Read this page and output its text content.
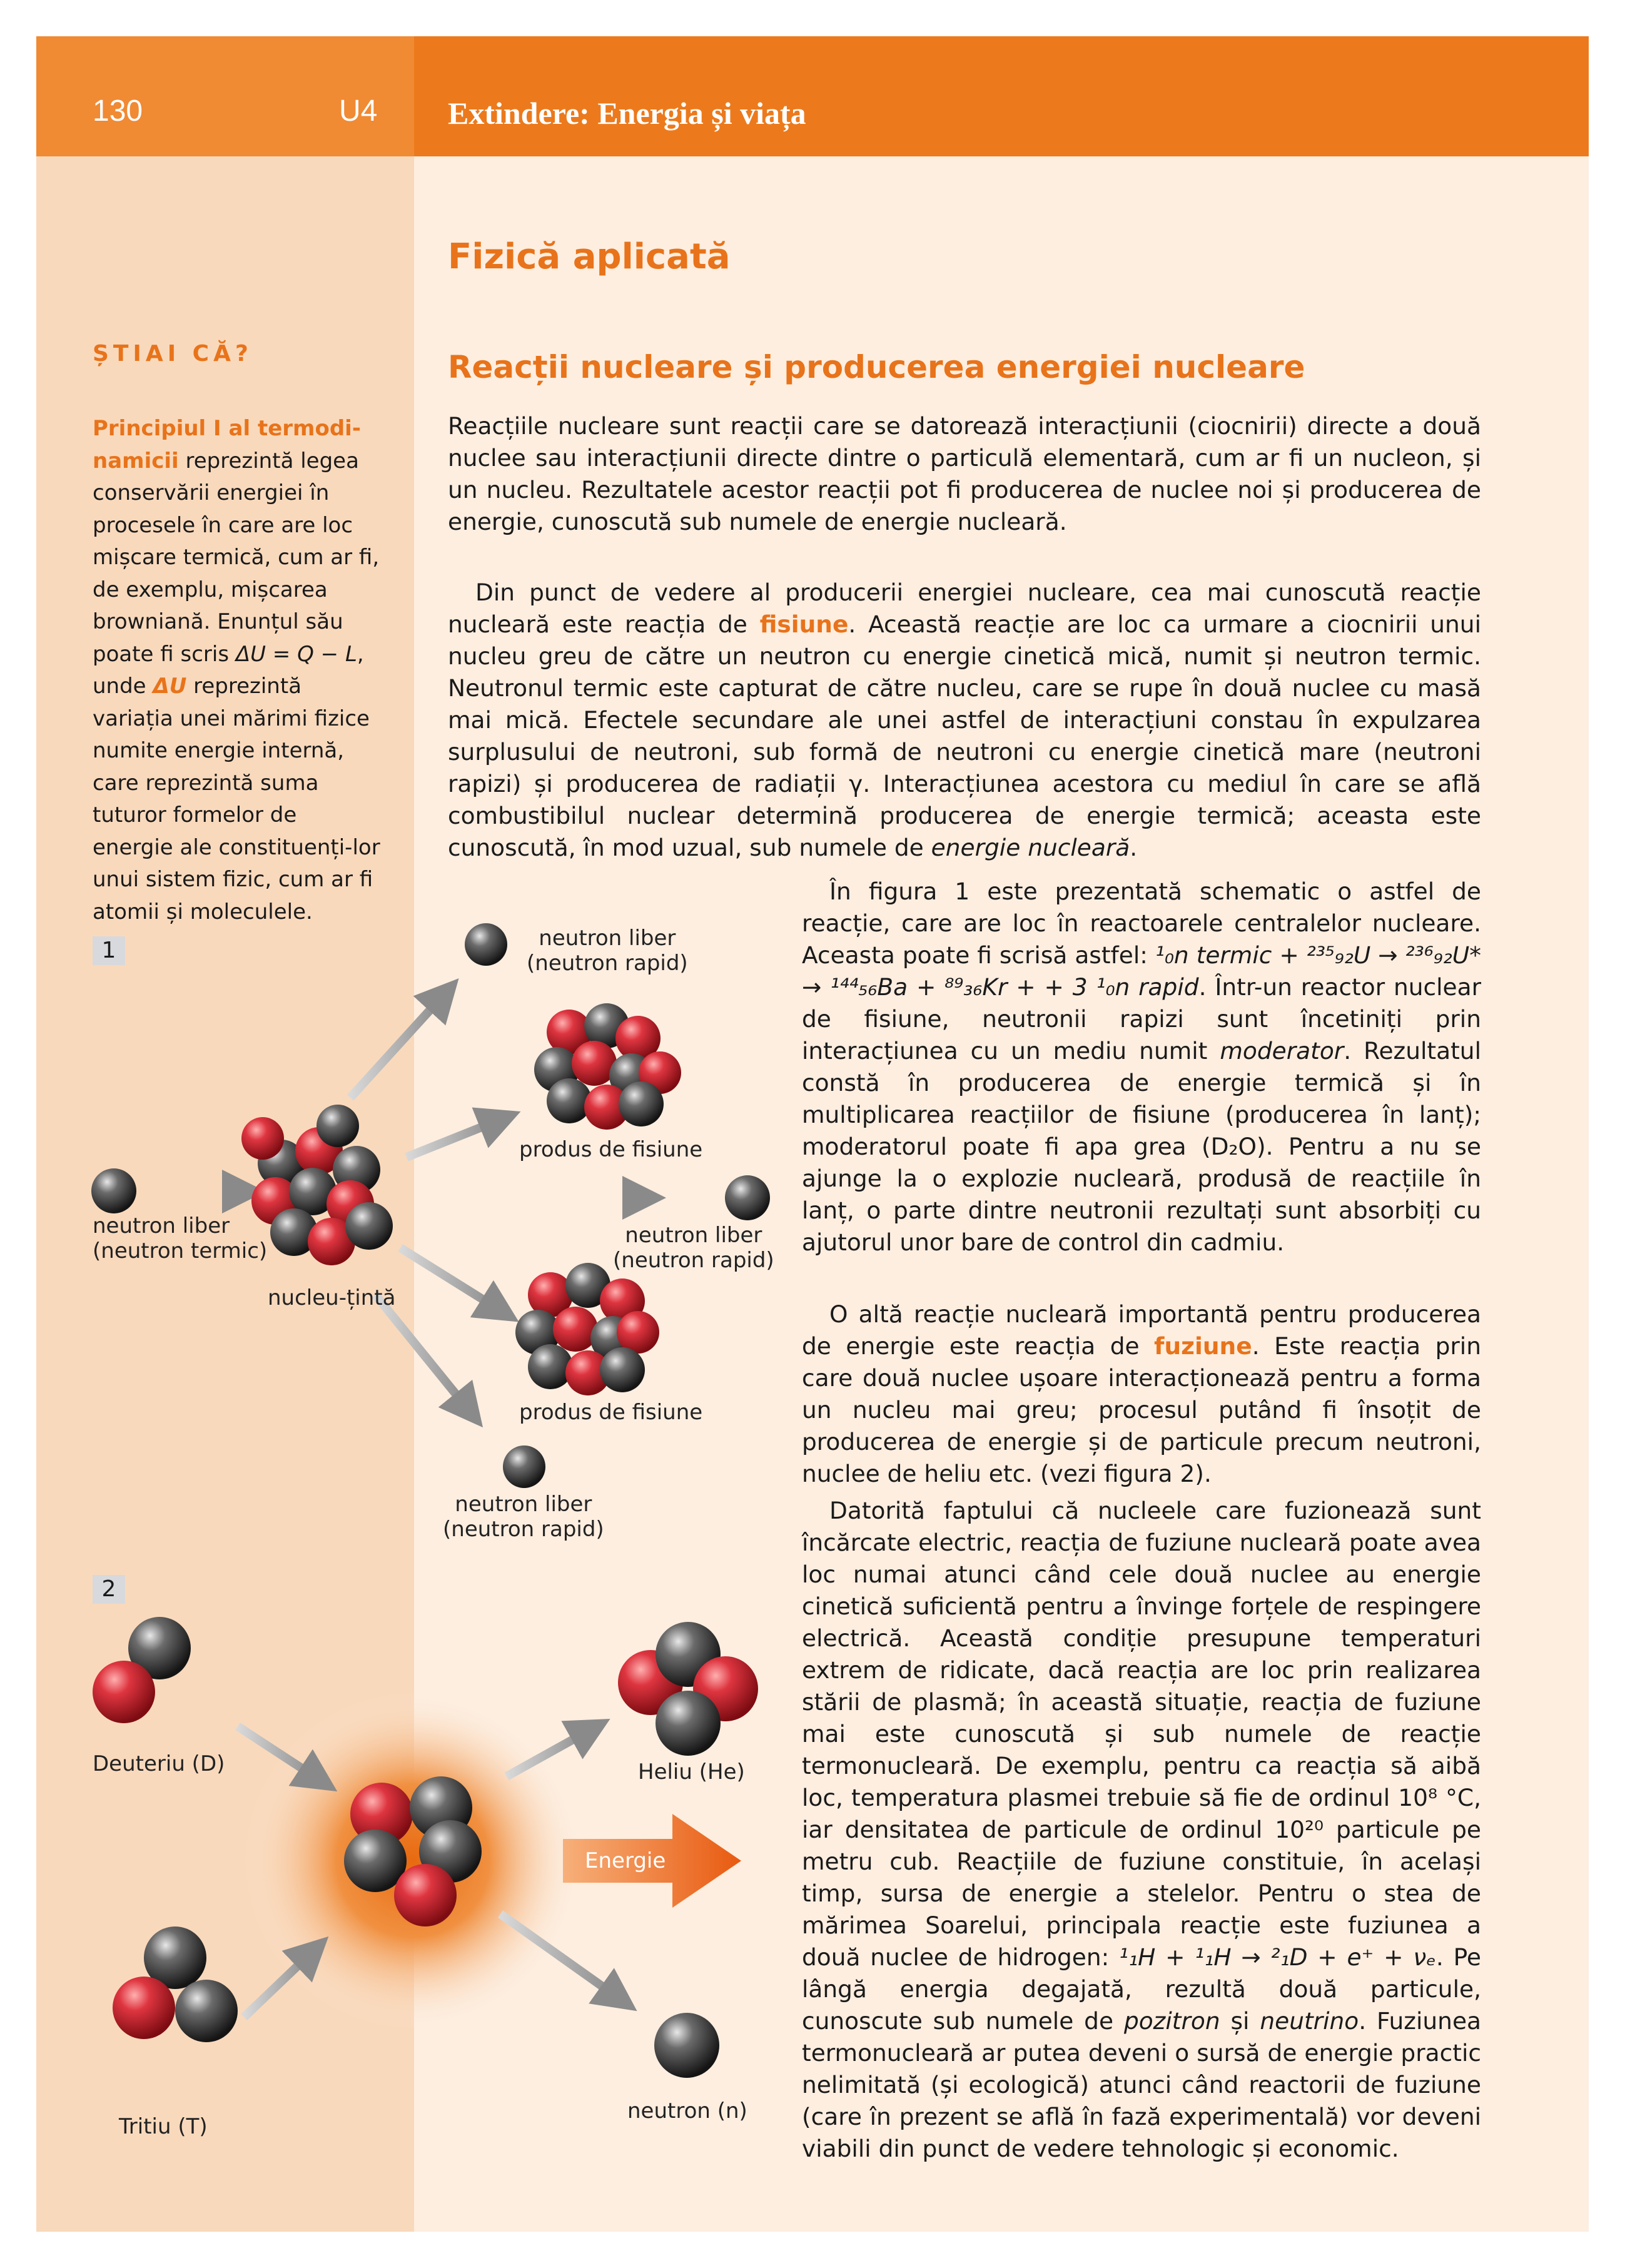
130	U4 Extindere: Energia și viața
Fizică aplicată
Reacții nucleare și producerea energiei nucleare
ȘTIAI CĂ?
Principiul I al termodi-namicii reprezintă legea conservării energiei în procesele în care are loc mișcare termică, cum ar fi, de exemplu, mișcarea browniană. Enunțul său poate fi scris ΔU = Q − L, unde ΔU reprezintă variația unei mărimi fizice numite energie internă, care reprezintă suma tuturor formelor de energie ale constituenți-lor unui sistem fizic, cum ar fi atomii și moleculele.

Reacțiile nucleare sunt reacții care se datorează interacțiunii (ciocnirii) directe a două nuclee sau interacțiunii directe dintre o particulă elementară, cum ar fi un nucleon, și un nucleu. Rezultatele acestor reacții pot fi producerea de nuclee noi și producerea de energie, cunoscută sub numele de energie nucleară.

Din punct de vedere al producerii energiei nucleare, cea mai cunoscută reacție nucleară este reacția de fisiune. Această reacție are loc ca urmare a ciocnirii unui nucleu greu de către un neutron cu energie cinetică mică, numit și neutron termic. Neutronul termic este capturat de către nucleu, care se rupe în două nuclee cu masă mai mică. Efectele secundare ale unei astfel de interacțiuni constau în expulzarea surplusului de neutroni, sub formă de neutroni cu energie cinetică mare (neutroni rapizi) și producerea de radiații γ. Interacțiunea acestora cu mediul în care se află combustibilul nuclear determină producerea de energie termică; aceasta este cunoscută, în mod uzual, sub numele de energie nucleară.

În figura 1 este prezentată schematic o astfel de reacție, care are loc în reactoarele centralelor nucleare. Aceasta poate fi scrisă astfel: ¹₀n termic + ²³⁵₉₂U → ²³⁶₉₂U* → ¹⁴⁴₅₆Ba + ⁸⁹₃₆Kr + + 3 ¹₀n rapid. Într-un reactor nuclear de fisiune, neutronii rapizi sunt încetiniți prin interacțiunea cu un mediu numit moderator. Rezultatul constă în producerea de energie termică și în multiplicarea reacțiilor de fisiune (producerea în lanț); moderatorul poate fi apa grea (D₂O). Pentru a nu se ajunge la o explozie nucleară, produsă de reacțiile în lanț, o parte dintre neutronii rezultați sunt absorbiți cu ajutorul unor bare de control din cadmiu.

O altă reacție nucleară importantă pentru producerea de energie este reacția de fuziune. Este reacția prin care două nuclee ușoare interacționează pentru a forma un nucleu mai greu; procesul putând fi însoțit de producerea de energie și de particule precum neutroni, nuclee de heliu etc. (vezi figura 2).

Datorită faptului că nucleele care fuzionează sunt încărcate electric, reacția de fuziune nucleară poate avea loc numai atunci când cele două nuclee au energie cinetică suficientă pentru a învinge forțele de respingere electrică. Această condiție presupune temperaturi extrem de ridicate, dacă reacția are loc prin realizarea stării de plasmă; în această situație, reacția de fuziune mai este cunoscută și sub numele de reacție termonucleară. De exemplu, pentru ca reacția să aibă loc, temperatura plasmei trebuie să fie de ordinul 10⁸ °C, iar densitatea de particule de ordinul 10²⁰ particule pe metru cub. Reacțiile de fuziune constituie, în același timp, sursa de energie a stelelor. Pentru o stea de mărimea Soarelui, principala reacție este fuziunea a două nuclee de hidrogen: ¹₁H + ¹₁H → ²₁D + e⁺ + νₑ. Pe lângă energia degajată, rezultă două particule, cunoscute sub numele de pozitron și neutrino. Fuziunea termonucleară ar putea deveni o sursă de energie practic nelimitată (și ecologică) atunci când reactorii de fuziune (care în prezent se află în fază experimentală) vor deveni viabili din punct de vedere tehnologic și economic.

1
2
neutron liber
(neutron termic)
nucleu-țintă
neutron liber
(neutron rapid)
produs de fisiune
neutron liber
(neutron rapid)
produs de fisiune
neutron liber
(neutron rapid)
Deuteriu (D)
Tritiu (T)
Heliu (He)
Energie
neutron (n)
